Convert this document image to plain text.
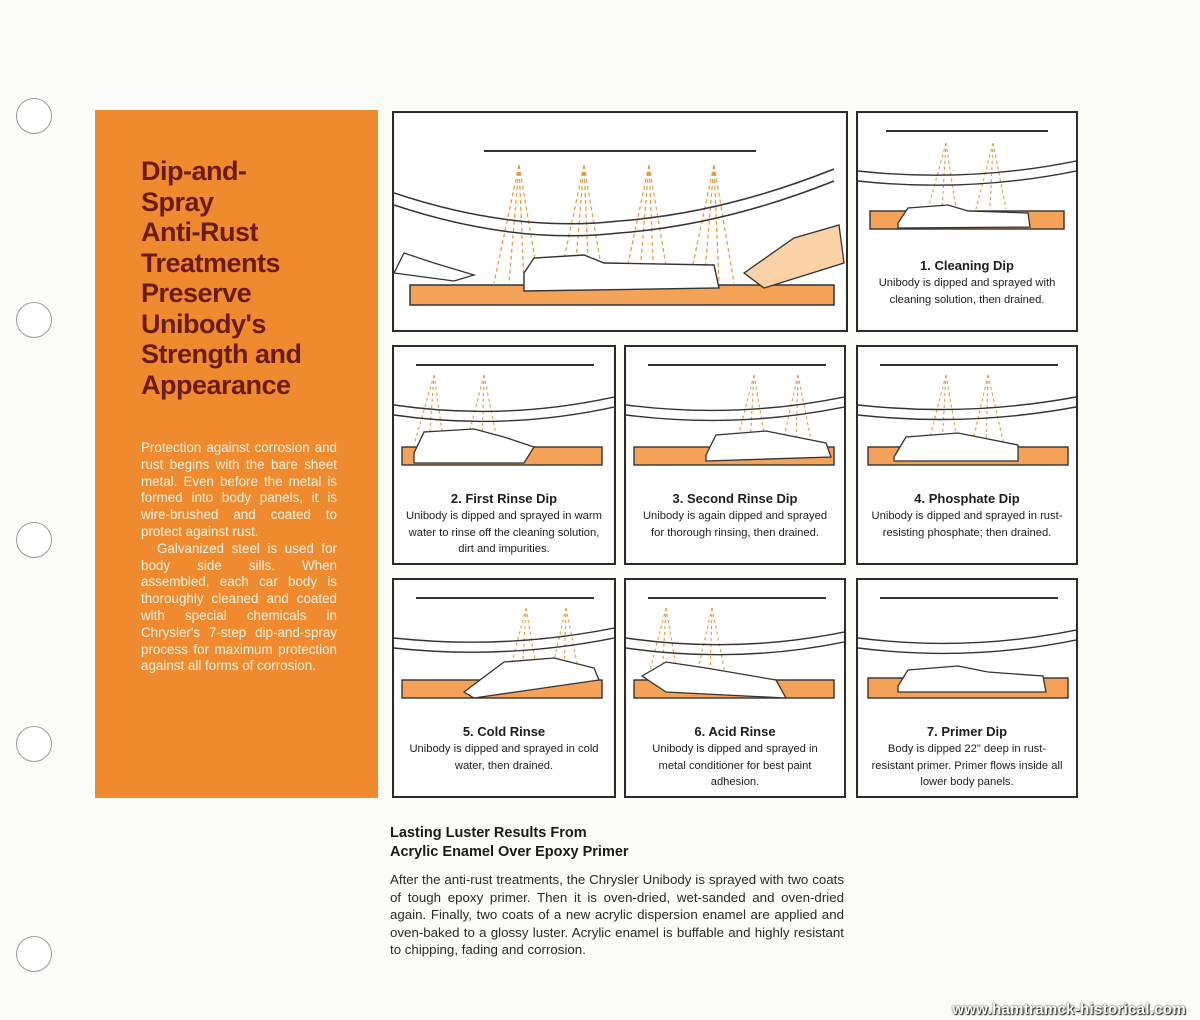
Dip-and-
Spray
Anti-Rust
Treatments
Preserve
Unibody's
Strength and
Appearance

Protection against corrosion and rust begins with the bare sheet metal. Even before the metal is formed into body panels, it is wire-brushed and coated to protect against rust.

Galvanized steel is used for body side sills. When assembled, each car body is thoroughly cleaned and coated with special chemicals in Chrysler's 7-step dip-and-spray process for maximum protection against all forms of corrosion.

1. Cleaning Dip
Unibody is dipped and sprayed with cleaning solution, then drained.
2. First Rinse Dip
Unibody is dipped and sprayed in warm water to rinse off the cleaning solution, dirt and impurities.
3. Second Rinse Dip
Unibody is again dipped and sprayed for thorough rinsing, then drained.
4. Phosphate Dip
Unibody is dipped and sprayed in rust-resisting phosphate; then drained.
5. Cold Rinse
Unibody is dipped and sprayed in cold water, then drained.
6. Acid Rinse
Unibody is dipped and sprayed in metal conditioner for best paint adhesion.
7. Primer Dip
Body is dipped 22" deep in rust-resistant primer. Primer flows inside all lower body panels.
Lasting Luster Results From
Acrylic Enamel Over Epoxy Primer
After the anti-rust treatments, the Chrysler Unibody is sprayed with two coats of tough epoxy primer. Then it is oven-dried, wet-sanded and oven-dried again. Finally, two coats of a new acrylic dispersion enamel are applied and oven-baked to a glossy luster. Acrylic enamel is buffable and highly resistant to chipping, fading and corrosion.
www.hamtramck-historical.com
